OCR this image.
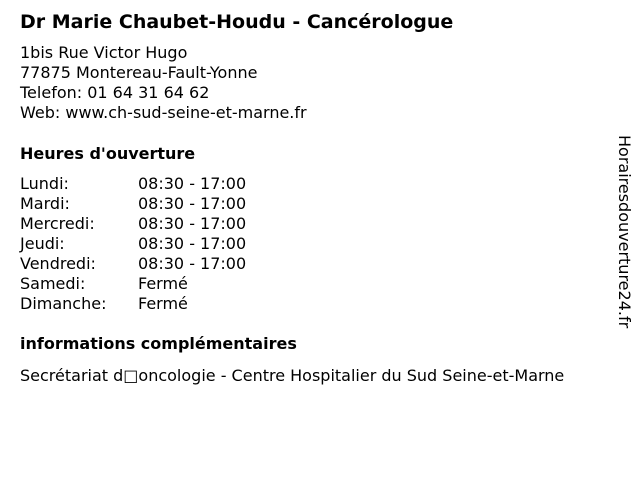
Dr Marie Chaubet-Houdu - Cancérologue
1bis Rue Victor Hugo
77875 Montereau-Fault-Yonne
Telefon: 01 64 31 64 62
Web: www.ch-sud-seine-et-marne.fr
Heures d'ouverture
Lundi:	08:30 - 17:00
Mardi:	08:30 - 17:00
Mercredi:	08:30 - 17:00
Jeudi:	08:30 - 17:00
Vendredi:	08:30 - 17:00
Samedi:	Fermé
Dimanche:	Fermé
informations complémentaires
Secrétariat d□oncologie - Centre Hospitalier du Sud Seine-et-Marne
Horairesdouverture24.fr
